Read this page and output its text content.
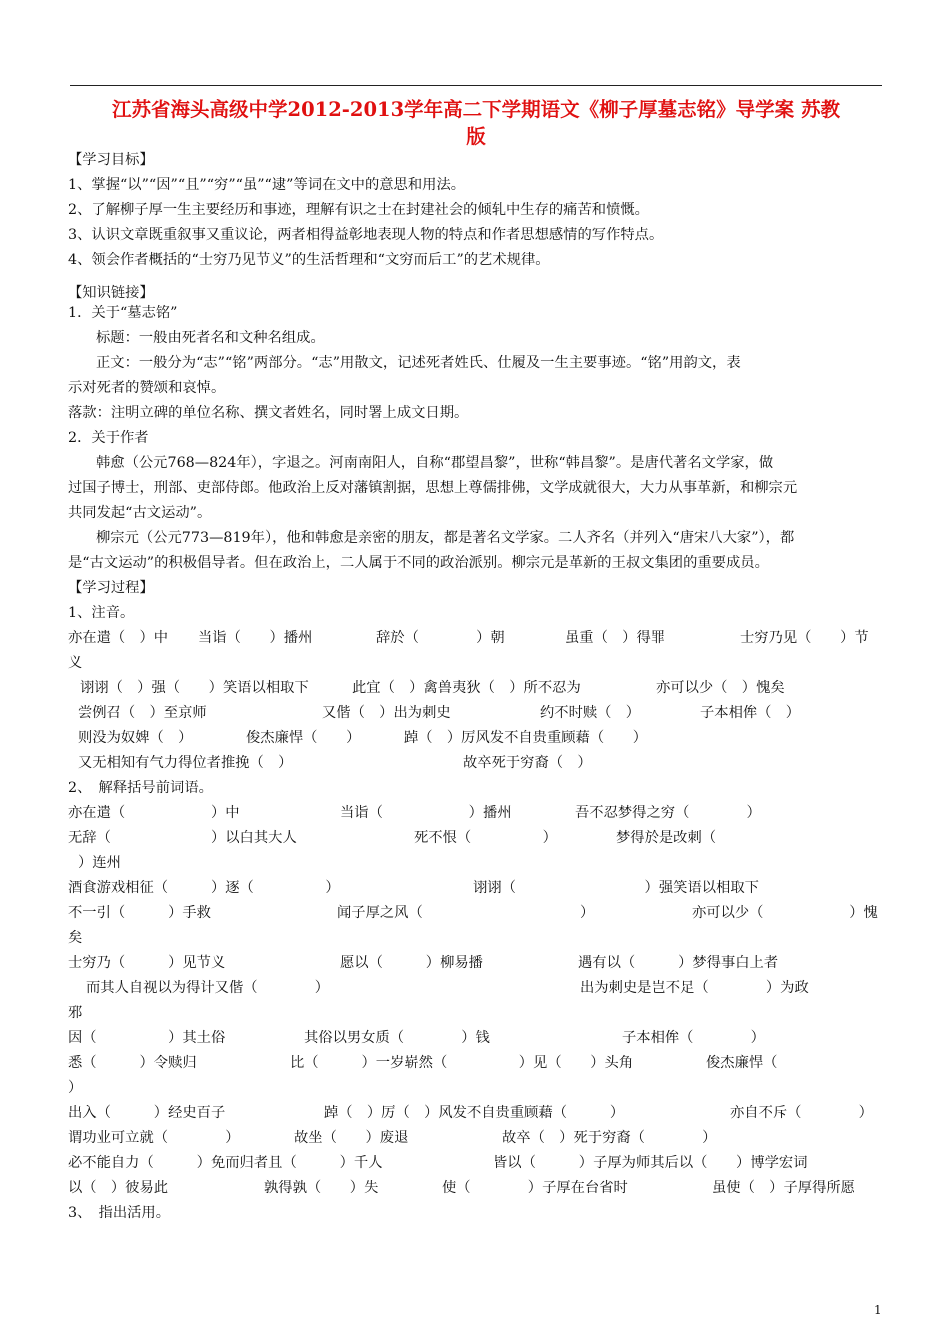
江苏省海头高级中学2012-2013学年高二下学期语文《柳子厚墓志铭》导学案 苏教
版
【学习目标】
1、掌握“以”“因”“且”“穷”“虽”“逮”等词在文中的意思和用法。
2、了解柳子厚一生主要经历和事迹，理解有识之士在封建社会的倾轧中生存的痛苦和愤慨。
3、认识文章既重叙事又重议论，两者相得益彰地表现人物的特点和作者思想感情的写作特点。
4、领会作者概括的“士穷乃见节义”的生活哲理和“文穷而后工”的艺术规律。
【知识链接】
1．关于“墓志铭”
标题：一般由死者名和文种名组成。
正文：一般分为“志”“铭”两部分。“志”用散文，记述死者姓氏、仕履及一生主要事迹。“铭”用韵文，表
示对死者的赞颂和哀悼。
落款：注明立碑的单位名称、撰文者姓名，同时署上成文日期。
2．关于作者
韩愈（公元768—824年），字退之。河南南阳人，自称“郡望昌黎”，世称“韩昌黎”。是唐代著名文学家，做
过国子博士，刑部、吏部侍郎。他政治上反对藩镇割据，思想上尊儒排佛，文学成就很大，大力从事革新，和柳宗元
共同发起“古文运动”。
柳宗元（公元773—819年），他和韩愈是亲密的朋友，都是著名文学家。二人齐名（并列入“唐宋八大家”），都
是“古文运动”的积极倡导者。但在政治上，二人属于不同的政治派别。柳宗元是革新的王叔文集团的重要成员。
【学习过程】
1、注音。
亦在遣（　）中 当诣（　　）播州	辞於（　　　　）朝	虽重（　）得罪	士穷乃见（　　）节
义
诩诩（　）强（　　）笑语以相取下	此宜（　）禽兽夷狄（　）所不忍为	亦可以少（　）愧矣
尝例召（　）至京师	又偕（　）出为刺史	约不时赎（　）	子本相侔（　）
则没为奴婢（　）	俊杰廉悍（　　）	踔（　）厉风发不自贵重顾藉（　　）
又无相知有气力得位者推挽（　）	故卒死于穷裔（　）
2、　解释括号前词语。
亦在遣（　　　　　　）中	当诣（　　　　　　）播州	吾不忍梦得之穷（　　　　）
无辞（　　　　　　　）以白其大人	死不恨（　　　　　）	梦得於是改刺（
）连州
酒食游戏相征（　　　）逐（　　　　　）	诩诩（　　　　　　　　　）强笑语以相取下
不一引（　　　）手救	闻子厚之风（　　　　　　　　　　　）	亦可以少（　　　　　　）愧
矣
士穷乃（　　　）见节义	愿以（　　　）柳易播	遇有以（　　　）梦得事白上者
而其人自视以为得计又偕（　　　　）	出为刺史是岂不足（　　　　）为政
邪
因（　　　　　）其土俗	其俗以男女质（　　　　）钱	子本相侔（　　　　）
悉（　　　）令赎归	比（　　　）一岁崭然（　　　　　）见（　　）头角	俊杰廉悍（
）
出入（　　　）经史百子	踔（　）厉（　）风发不自贵重顾藉（　　　）	亦自不斥（　　　　）
谓功业可立就（　　　　）	故坐（　　）废退	故卒（　）死于穷裔（　　　　）
必不能自力（　　　）免而归者且（　　　）千人	皆以（　　　）子厚为师其后以（　　）博学宏词
以（　）彼易此	孰得孰（　　）失	使（　　　　）子厚在台省时	虽使（　）子厚得所愿
3、　指出活用。
1
